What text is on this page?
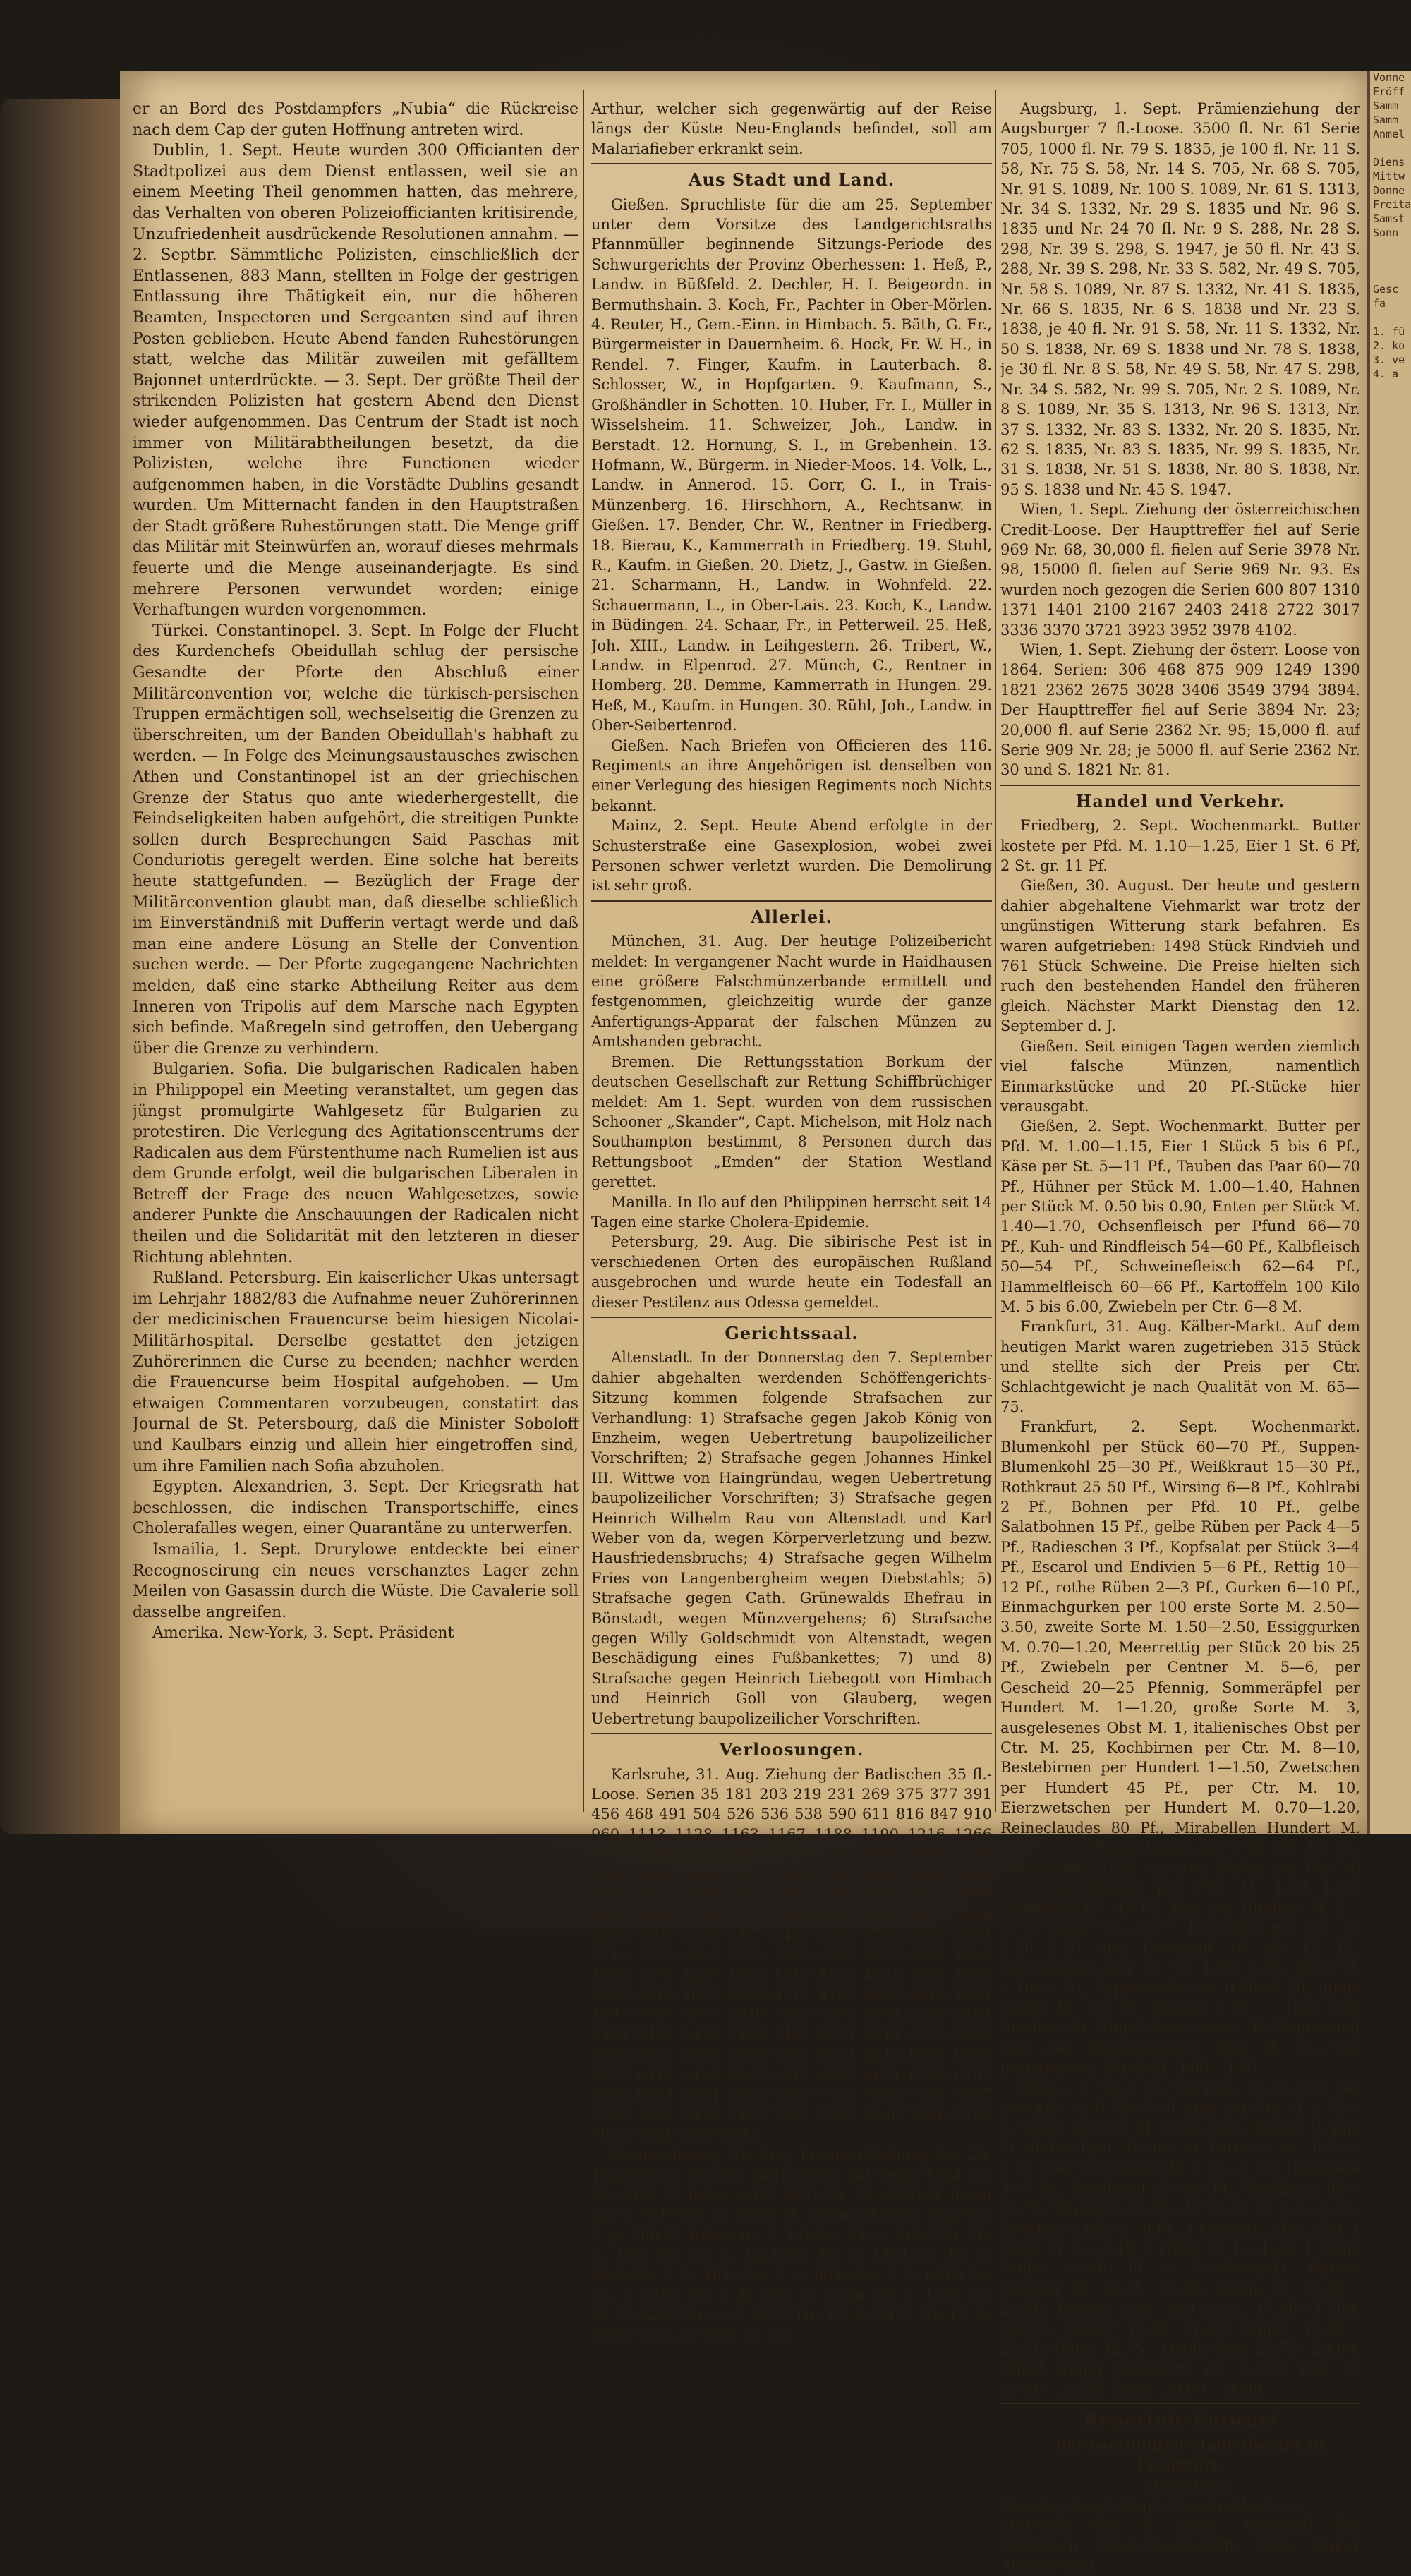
er an Bord des Postdampfers „Nubia“ die Rückreise nach dem Cap der guten Hoffnung antreten wird.

Dublin, 1. Sept. Heute wurden 300 Officianten der Stadtpolizei aus dem Dienst entlassen, weil sie an einem Meeting Theil genommen hatten, das mehrere, das Verhalten von oberen Polizeiofficianten kritisirende, Unzufriedenheit ausdrückende Resolutionen annahm. — 2. Septbr. Sämmtliche Polizisten, einschließlich der Entlassenen, 883 Mann, stellten in Folge der gestrigen Entlassung ihre Thätigkeit ein, nur die höheren Beamten, Inspectoren und Sergeanten sind auf ihren Posten geblieben. Heute Abend fanden Ruhestörungen statt, welche das Militär zuweilen mit gefälltem Bajonnet unterdrückte. — 3. Sept. Der größte Theil der strikenden Polizisten hat gestern Abend den Dienst wieder aufgenommen. Das Centrum der Stadt ist noch immer von Militärabtheilungen besetzt, da die Polizisten, welche ihre Functionen wieder aufgenommen haben, in die Vorstädte Dublins gesandt wurden. Um Mitternacht fanden in den Hauptstraßen der Stadt größere Ruhestörungen statt. Die Menge griff das Militär mit Steinwürfen an, worauf dieses mehrmals feuerte und die Menge auseinanderjagte. Es sind mehrere Personen verwundet worden; einige Verhaftungen wurden vorgenommen.

Türkei. Constantinopel. 3. Sept. In Folge der Flucht des Kurdenchefs Obeidullah schlug der persische Gesandte der Pforte den Abschluß einer Militärconvention vor, welche die türkisch-persischen Truppen ermächtigen soll, wechselseitig die Grenzen zu überschreiten, um der Banden Obeidullah's habhaft zu werden. — In Folge des Meinungsaustausches zwischen Athen und Constantinopel ist an der griechischen Grenze der Status quo ante wiederhergestellt, die Feindseligkeiten haben aufgehört, die streitigen Punkte sollen durch Besprechungen Said Paschas mit Conduriotis geregelt werden. Eine solche hat bereits heute stattgefunden. — Bezüglich der Frage der Militärconvention glaubt man, daß dieselbe schließlich im Einverständniß mit Dufferin vertagt werde und daß man eine andere Lösung an Stelle der Convention suchen werde. — Der Pforte zugegangene Nachrichten melden, daß eine starke Abtheilung Reiter aus dem Inneren von Tripolis auf dem Marsche nach Egypten sich befinde. Maßregeln sind getroffen, den Uebergang über die Grenze zu verhindern.

Bulgarien. Sofia. Die bulgarischen Radicalen haben in Philippopel ein Meeting veranstaltet, um gegen das jüngst promulgirte Wahlgesetz für Bulgarien zu protestiren. Die Verlegung des Agitationscentrums der Radicalen aus dem Fürstenthume nach Rumelien ist aus dem Grunde erfolgt, weil die bulgarischen Liberalen in Betreff der Frage des neuen Wahlgesetzes, sowie anderer Punkte die Anschauungen der Radicalen nicht theilen und die Solidarität mit den letzteren in dieser Richtung ablehnten.

Rußland. Petersburg. Ein kaiserlicher Ukas untersagt im Lehrjahr 1882/83 die Aufnahme neuer Zuhörerinnen der medicinischen Frauencurse beim hiesigen Nicolai-Militärhospital. Derselbe gestattet den jetzigen Zuhörerinnen die Curse zu beenden; nachher werden die Frauencurse beim Hospital aufgehoben. — Um etwaigen Commentaren vorzubeugen, constatirt das Journal de St. Petersbourg, daß die Minister Soboloff und Kaulbars einzig und allein hier eingetroffen sind, um ihre Familien nach Sofia abzuholen.

Egypten. Alexandrien, 3. Sept. Der Kriegsrath hat beschlossen, die indischen Transportschiffe, eines Cholerafalles wegen, einer Quarantäne zu unterwerfen.

Ismailia, 1. Sept. Drurylowe entdeckte bei einer Recognoscirung ein neues verschanztes Lager zehn Meilen von Gasassin durch die Wüste. Die Cavalerie soll dasselbe angreifen.

Amerika. New-York, 3. Sept. Präsident

Arthur, welcher sich gegenwärtig auf der Reise längs der Küste Neu-Englands befindet, soll am Malariafieber erkrankt sein.

Aus Stadt und Land.

Gießen. Spruchliste für die am 25. September unter dem Vorsitze des Landgerichtsraths Pfannmüller beginnende Sitzungs-Periode des Schwurgerichts der Provinz Oberhessen: 1. Heß, P., Landw. in Büßfeld. 2. Dechler, H. I. Beigeordn. in Bermuthshain. 3. Koch, Fr., Pachter in Ober-Mörlen. 4. Reuter, H., Gem.-Einn. in Himbach. 5. Bäth, G. Fr., Bürgermeister in Dauernheim. 6. Hock, Fr. W. H., in Rendel. 7. Finger, Kaufm. in Lauterbach. 8. Schlosser, W., in Hopfgarten. 9. Kaufmann, S., Großhändler in Schotten. 10. Huber, Fr. I., Müller in Wisselsheim. 11. Schweizer, Joh., Landw. in Berstadt. 12. Hornung, S. I., in Grebenhein. 13. Hofmann, W., Bürgerm. in Nieder-Moos. 14. Volk, L., Landw. in Annerod. 15. Gorr, G. I., in Trais-Münzenberg. 16. Hirschhorn, A., Rechtsanw. in Gießen. 17. Bender, Chr. W., Rentner in Friedberg. 18. Bierau, K., Kammerrath in Friedberg. 19. Stuhl, R., Kaufm. in Gießen. 20. Dietz, J., Gastw. in Gießen. 21. Scharmann, H., Landw. in Wohnfeld. 22. Schauermann, L., in Ober-Lais. 23. Koch, K., Landw. in Büdingen. 24. Schaar, Fr., in Petterweil. 25. Heß, Joh. XIII., Landw. in Leihgestern. 26. Tribert, W., Landw. in Elpenrod. 27. Münch, C., Rentner in Homberg. 28. Demme, Kammerrath in Hungen. 29. Heß, M., Kaufm. in Hungen. 30. Rühl, Joh., Landw. in Ober-Seibertenrod.

Gießen. Nach Briefen von Officieren des 116. Regiments an ihre Angehörigen ist denselben von einer Verlegung des hiesigen Regiments noch Nichts bekannt.

Mainz, 2. Sept. Heute Abend erfolgte in der Schusterstraße eine Gasexplosion, wobei zwei Personen schwer verletzt wurden. Die Demolirung ist sehr groß.

Allerlei.

München, 31. Aug. Der heutige Polizeibericht meldet: In vergangener Nacht wurde in Haidhausen eine größere Falschmünzerbande ermittelt und festgenommen, gleichzeitig wurde der ganze Anfertigungs-Apparat der falschen Münzen zu Amtshanden gebracht.

Bremen. Die Rettungsstation Borkum der deutschen Gesellschaft zur Rettung Schiffbrüchiger meldet: Am 1. Sept. wurden von dem russischen Schooner „Skander“, Capt. Michelson, mit Holz nach Southampton bestimmt, 8 Personen durch das Rettungsboot „Emden“ der Station Westland gerettet.

Manilla. In Ilo auf den Philippinen herrscht seit 14 Tagen eine starke Cholera-Epidemie.

Petersburg, 29. Aug. Die sibirische Pest ist in verschiedenen Orten des europäischen Rußland ausgebrochen und wurde heute ein Todesfall an dieser Pestilenz aus Odessa gemeldet.

Gerichtssaal.

Altenstadt. In der Donnerstag den 7. September dahier abgehalten werdenden Schöffengerichts-Sitzung kommen folgende Strafsachen zur Verhandlung: 1) Strafsache gegen Jakob König von Enzheim, wegen Uebertretung baupolizeilicher Vorschriften; 2) Strafsache gegen Johannes Hinkel III. Wittwe von Haingründau, wegen Uebertretung baupolizeilicher Vorschriften; 3) Strafsache gegen Heinrich Wilhelm Rau von Altenstadt und Karl Weber von da, wegen Körperverletzung und bezw. Hausfriedensbruchs; 4) Strafsache gegen Wilhelm Fries von Langenbergheim wegen Diebstahls; 5) Strafsache gegen Cath. Grünewalds Ehefrau in Bönstadt, wegen Münzvergehens; 6) Strafsache gegen Willy Goldschmidt von Altenstadt, wegen Beschädigung eines Fußbankettes; 7) und 8) Strafsache gegen Heinrich Liebegott von Himbach und Heinrich Goll von Glauberg, wegen Uebertretung baupolizeilicher Vorschriften.

Verloosungen.

Karlsruhe, 31. Aug. Ziehung der Badischen 35 fl.-Loose. Serien 35 181 203 219 231 269 375 377 391 456 468 491 504 526 536 538 590 611 816 847 910 960 1113 1128 1163 1167 1188 1190 1216 1266 1279 1374 1418 1483 1523 1538 1606 1667 1750 1762 1862 1886 1970 1980 1983 2006 2061 2160 2183 2212 2226 2281 2282 2360 2364 2417 2440 2618 2640 2706 2714 2818 2849 2935 2978 2996 3238 3301 3358 3417 3451 3526 3585 3605 3671 3716 3770 3803 3870 3880 3882 3957 4032 4050 4089 4176 4247 4391 4519 4520 4521 4555 4563 4599 4616 4651 4669 4717 4783 4808 4810 4841 4941 4961 5017 5046 5093 5280 5294 5299 5361 5404 5443 5470 5495 5497 5674 5712 5773 5832 5923 5931 5955 6008 6061 6214 6215 6337 6355 6372 6412 6496 6507 6512 6589 6671 6765 6797 6801 6934 6974 6986 7033 7132 7185 7197 7227 7352 7387 7416 7479 7532 7537 7540 7546 7763 7838 7844 7869 7992.

Braunschweig, 31. Aug. Prämien-Ziehung der 20-Thalerloose. 90,000 Mark fielen auf Serie 4364 Nr. 38. 9000 M. fielen auf S. 8871 Nr. 28. 6000 M. fielen auf S. 7317 Nr. 24. 3000 M. fielen auf Serie 6522 Nr. 2. Je 300 M. fielen auf S. 146 Nr. 34, S. 1694 Nr. 40, S. 3051 Nr. 26, S. 4324 Nr. 45, S. 4364 Nr. 19, S. 4493 Nr. 6, S. 4814 Nr. 2, S. 6045 Nr. 7, S. 6519 Nr. 32, S. 9166 Nr. 8. Je 105 M. fielen auf S. 1259 Nr. 47, S. 2251 Nr. 6, S. 8871 Nr. 47, S. 9477 Nr. 18, S. 9592 Nr. 8, S. 9592 Nr. 34.

Augsburg, 1. Sept. Prämienziehung der Augsburger 7 fl.-Loose. 3500 fl. Nr. 61 Serie 705, 1000 fl. Nr. 79 S. 1835, je 100 fl. Nr. 11 S. 58, Nr. 75 S. 58, Nr. 14 S. 705, Nr. 68 S. 705, Nr. 91 S. 1089, Nr. 100 S. 1089, Nr. 61 S. 1313, Nr. 34 S. 1332, Nr. 29 S. 1835 und Nr. 96 S. 1835 und Nr. 24 70 fl. Nr. 9 S. 288, Nr. 28 S. 298, Nr. 39 S. 298, S. 1947, je 50 fl. Nr. 43 S. 288, Nr. 39 S. 298, Nr. 33 S. 582, Nr. 49 S. 705, Nr. 58 S. 1089, Nr. 87 S. 1332, Nr. 41 S. 1835, Nr. 66 S. 1835, Nr. 6 S. 1838 und Nr. 23 S. 1838, je 40 fl. Nr. 91 S. 58, Nr. 11 S. 1332, Nr. 50 S. 1838, Nr. 69 S. 1838 und Nr. 78 S. 1838, je 30 fl. Nr. 8 S. 58, Nr. 49 S. 58, Nr. 47 S. 298, Nr. 34 S. 582, Nr. 99 S. 705, Nr. 2 S. 1089, Nr. 8 S. 1089, Nr. 35 S. 1313, Nr. 96 S. 1313, Nr. 37 S. 1332, Nr. 83 S. 1332, Nr. 20 S. 1835, Nr. 62 S. 1835, Nr. 83 S. 1835, Nr. 99 S. 1835, Nr. 31 S. 1838, Nr. 51 S. 1838, Nr. 80 S. 1838, Nr. 95 S. 1838 und Nr. 45 S. 1947.

Wien, 1. Sept. Ziehung der österreichischen Credit-Loose. Der Haupttreffer fiel auf Serie 969 Nr. 68, 30,000 fl. fielen auf Serie 3978 Nr. 98, 15000 fl. fielen auf Serie 969 Nr. 93. Es wurden noch gezogen die Serien 600 807 1310 1371 1401 2100 2167 2403 2418 2722 3017 3336 3370 3721 3923 3952 3978 4102.

Wien, 1. Sept. Ziehung der österr. Loose von 1864. Serien: 306 468 875 909 1249 1390 1821 2362 2675 3028 3406 3549 3794 3894. Der Haupttreffer fiel auf Serie 3894 Nr. 23; 20,000 fl. auf Serie 2362 Nr. 95; 15,000 fl. auf Serie 909 Nr. 28; je 5000 fl. auf Serie 2362 Nr. 30 und S. 1821 Nr. 81.

Handel und Verkehr.

Friedberg, 2. Sept. Wochenmarkt. Butter kostete per Pfd. M. 1.10—1.25, Eier 1 St. 6 Pf, 2 St. gr. 11 Pf.

Gießen, 30. August. Der heute und gestern dahier abgehaltene Viehmarkt war trotz der ungünstigen Witterung stark befahren. Es waren aufgetrieben: 1498 Stück Rindvieh und 761 Stück Schweine. Die Preise hielten sich ruch den bestehenden Handel den früheren gleich. Nächster Markt Dienstag den 12. September d. J.

Gießen. Seit einigen Tagen werden ziemlich viel falsche Münzen, namentlich Einmarkstücke und 20 Pf.-Stücke hier verausgabt.

Gießen, 2. Sept. Wochenmarkt. Butter per Pfd. M. 1.00—1.15, Eier 1 Stück 5 bis 6 Pf., Käse per St. 5—11 Pf., Tauben das Paar 60—70 Pf., Hühner per Stück M. 1.00—1.40, Hahnen per Stück M. 0.50 bis 0.90, Enten per Stück M. 1.40—1.70, Ochsenfleisch per Pfund 66—70 Pf., Kuh- und Rindfleisch 54—60 Pf., Kalbfleisch 50—54 Pf., Schweinefleisch 62—64 Pf., Hammelfleisch 60—66 Pf., Kartoffeln 100 Kilo M. 5 bis 6.00, Zwiebeln per Ctr. 6—8 M.

Frankfurt, 31. Aug. Kälber-Markt. Auf dem heutigen Markt waren zugetrieben 315 Stück und stellte sich der Preis per Ctr. Schlachtgewicht je nach Qualität von M. 65—75.

Frankfurt, 2. Sept. Wochenmarkt. Blumenkohl per Stück 60—70 Pf., Suppen-Blumenkohl 25—30 Pf., Weißkraut 15—30 Pf., Rothkraut 25 50 Pf., Wirsing 6—8 Pf., Kohlrabi 2 Pf., Bohnen per Pfd. 10 Pf., gelbe Salatbohnen 15 Pf., gelbe Rüben per Pack 4—5 Pf., Radieschen 3 Pf., Kopfsalat per Stück 3—4 Pf., Escarol und Endivien 5—6 Pf., Rettig 10—12 Pf., rothe Rüben 2—3 Pf., Gurken 6—10 Pf., Einmachgurken per 100 erste Sorte M. 2.50—3.50, zweite Sorte M. 1.50—2.50, Essiggurken M. 0.70—1.20, Meerrettig per Stück 20 bis 25 Pf., Zwiebeln per Centner M. 5—6, per Gescheid 20—25 Pfennig, Sommeräpfel per Hundert M. 1—1.20, große Sorte M. 3, ausgelesenes Obst M. 1, italienisches Obst per Ctr. M. 25, Kochbirnen per Ctr. M. 8—10, Bestebirnen per Hundert 1—1.50, Zwetschen per Hundert 45 Pf., per Ctr. M. 10, Eierzwetschen per Hundert M. 0.70—1.20, Reineclaudes 80 Pf., Mirabellen Hundert M. 0.70—1.20, Reineclaudes per Pfd. 30—65 Pf., italienische 60 Pf. en gros, Butter per Ctr. M. 1.02, im Kleinen per Pfd. M. 1.20—1.40, Handkäse 42—45 Pf., Eier per Hundert M. 5—6, an detail 5½—6 Pf., Kartoffeln per Ctr. M. 2.50—3.50, per Gescheid 10 bis 12 Pf., Sommergans per St. M. 4.50—5.50, Ente M. 1.40—1.80, Suppenhuhn M. 0.90—1.20, junge Taube 40—50 Pf., Krebse 7 Pf. — Heu- und Strohmarkt. Zugefahren waren 95 Wagen und galt der Doppelcentner Heu M. 6—7.60, geringeres 6, Stroh M. 3.00—3.60.

Mainz, 1. Sept. Markt-Preise. Kartoffeln per 100 Kilo M. 6.75—7.50, Heu per Ctr. M. 2.75—3, Stroh per Ctr. M. 2.00—2.25, Butter ½ Kilo M. 0.95—1.00, Butter in Parthien M. 0.75—0.80. Eier ¼ Hundert M. 1.15—1.20, Handkäse 4—7 Pf., Rothkraut 15—20 Pf., Weißkraut 06—08 Pf., Blumenkohl 20—25 Pf., Wirsing 2—5 Pf., Zwiebel ½ Kilo 8—9 Pf., 1 Gans M. 2 bis 2.50, 1 Hahn M. 1.—1.40, 1 Huhn M. 1.—1.25, 1 junge Taube 30—40 Pf. — Fruchtmarkt. Waizen hiesiger M. 21.25—22.25, ungar. M. 23.00—23.50, Roggen hies. und franz. 17.40—17.60, Gerste pfälzer 16.00—16.50, ungar. 18.50—20.50, Hafer 12.75—16.00, Reps 28.75—29.00, Rüböl wenig verändert, eff. 32.00, Faß M. 32.40—32.50, Rohm. 30.90—31.00.

Repertoir-Entwurf

der vereinigten Stadt-Theater in Frankfurt.

Opernhaus.

Dienstag den 5. Sept.: Figaros Hochzeit.

Mittwoch den 6. Sept.: Gastspiel der italienisch. Oper-Gesellschaft: Aida. Außer Abonnement.

Vonne
Eröff
Samm
Samm
Anmel

Diens
Mittw
Donne
Freita
Samst
Sonn

Gesc
fa

1. fü
2. ko
3. ve
4. a
